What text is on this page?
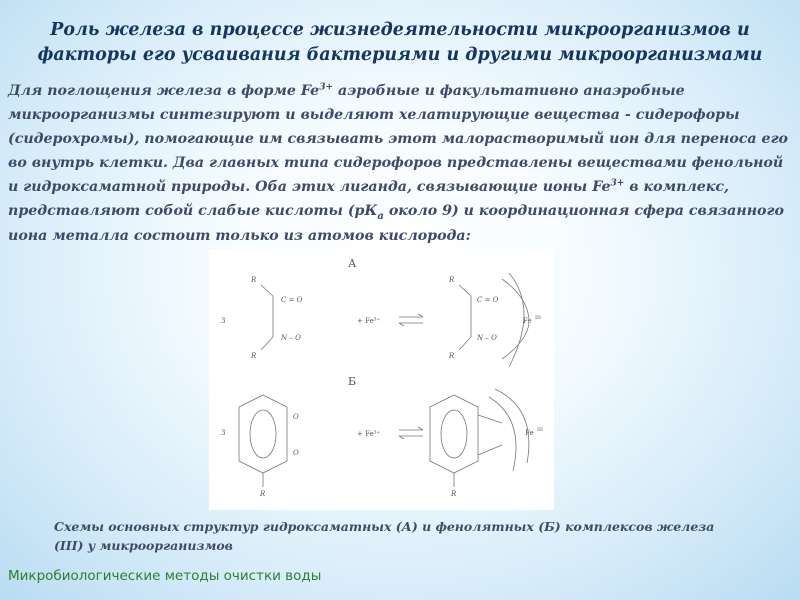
Роль железа в процессе жизнедеятельности микроорганизмов и факторы его усваивания бактериями и другими микроорганизмами

Для поглощения железа в форме $Fe^{3+}$ аэробные и факультативно анаэробные микроорганизмы синтезируют и выделяют хелатирующие вещества - сидерофоры (сидерохромы), помогающие им связывать этот малорастворимый ион для переноса его во внутрь клетки. Два главных типа сидерофоров представлены веществами фенольной и гидроксаматной природы. Оба этих лиганда, связывающие ионы $Fe^{3+}$ в комплекс, представляют собой слабые кислоты ($рК_а$ около 9) и координационная сфера связанного иона металла состоит только из атомов кислорода:

А
3
R
C = O
N – O
R
+ Fe³⁺
R
C = O
N – O
R
Fe III
Б
3
O
O
R
+ Fe³⁺	Fe III
R

Схемы основных структур гидроксаматных (А) и фенолятных (Б) комплексов железа (III) у микроорганизмов

Микробиологические методы очистки воды
